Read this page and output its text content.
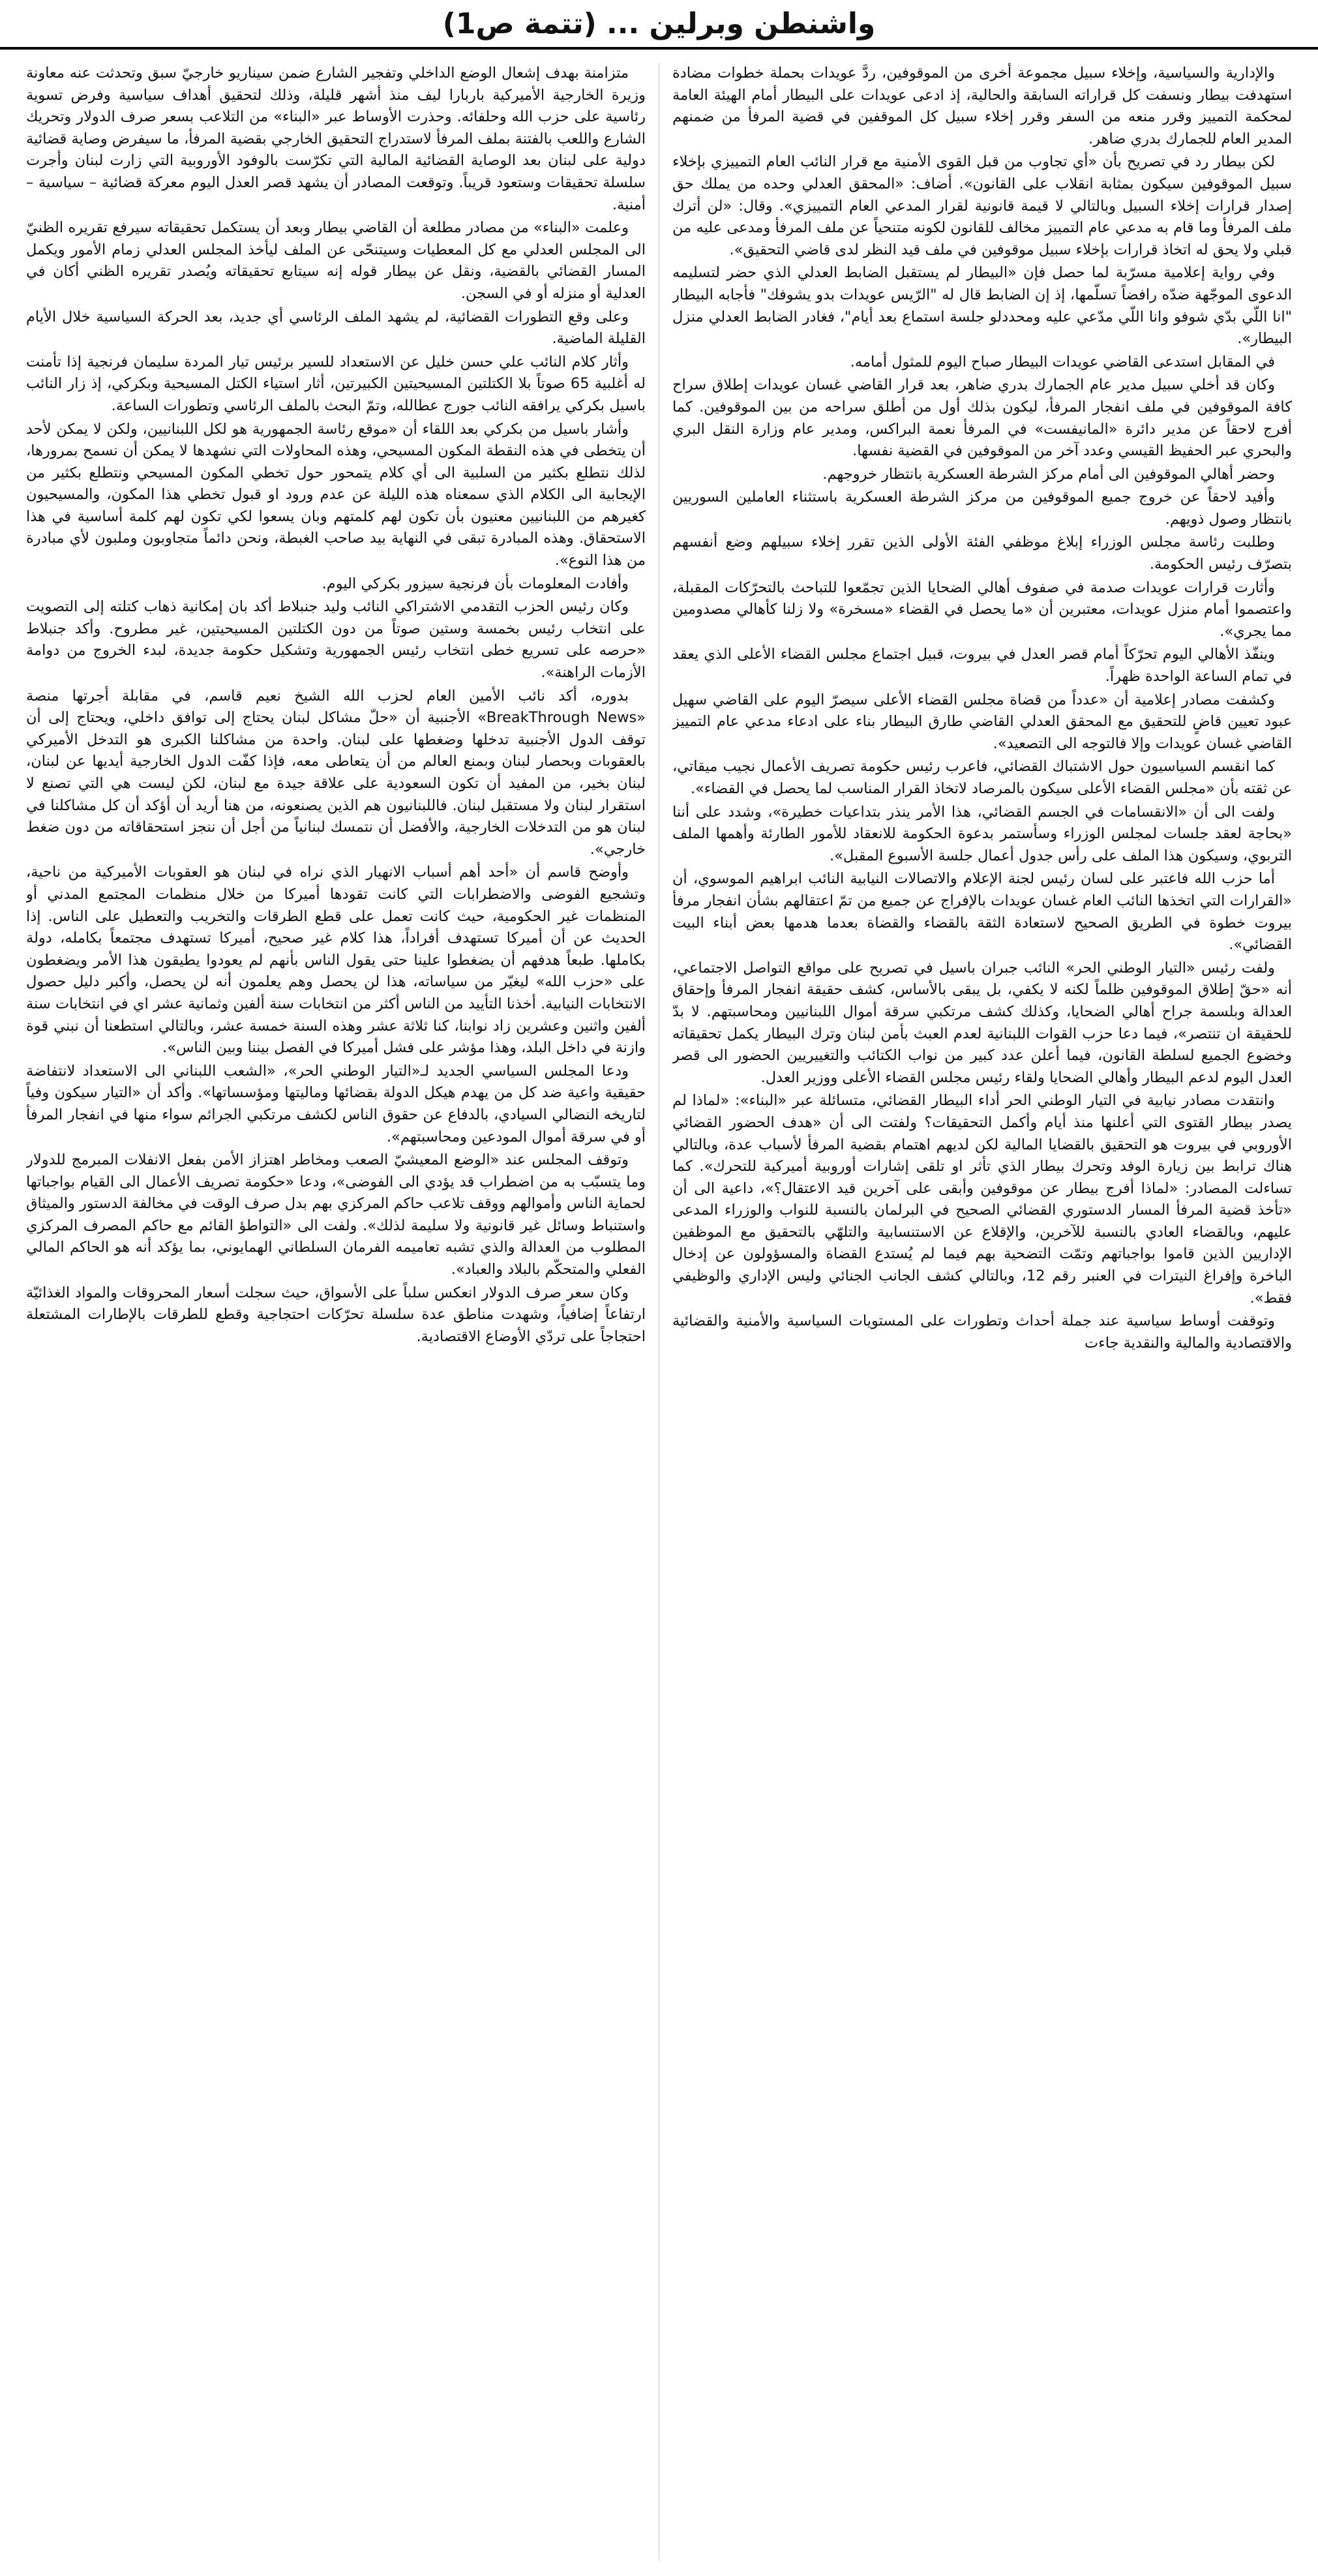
واشنطن وبرلين ... (تتمة ص1)

والإدارية والسياسية، وإخلاء سبيل مجموعة أخرى من الموقوفين، ردَّ عويدات بحملة خطوات مضادة استهدفت بيطار ونسفت كل قراراته السابقة والحالية، إذ ادعى عويدات على البيطار أمام الهيئة العامة لمحكمة التمييز وقرر منعه من السفر وقرر إخلاء سبيل كل الموقفين في قضية المرفأ من ضمنهم المدير العام للجمارك بدري ضاهر.

لكن بيطار رد في تصريح بأن «أي تجاوب من قبل القوى الأمنية مع قرار النائب العام التمييزي بإخلاء سبيل الموقوفين سيكون بمثابة انقلاب على القانون». أضاف: «المحقق العدلي وحده من يملك حق إصدار قرارات إخلاء السبيل وبالتالي لا قيمة قانونية لقرار المدعي العام التمييزي». وقال: «لن أترك ملف المرفأ وما قام به مدعي عام التمييز مخالف للقانون لكونه متنحياً عن ملف المرفأ ومدعى عليه من قبلي ولا يحق له اتخاذ قرارات بإخلاء سبيل موقوفين في ملف قيد النظر لدى قاضي التحقيق».

وفي رواية إعلامية مسرّبة لما حصل فإن «البيطار لم يستقبل الضابط العدلي الذي حضر لتسليمه الدعوى الموجّهة ضدّه رافضاً تسلّمها، إذ إن الضابط قال له "الرّيس عويدات بدو يشوفك" فأجابه البيطار "انا اللّي بدّي شوفو وانا اللّي مدّعي عليه ومحددلو جلسة استماع بعد أيام"، فغادر الضابط العدلي منزل البيطار».

في المقابل استدعى القاضي عويدات البيطار صباح اليوم للمثول أمامه.

وكان قد أخلي سبيل مدير عام الجمارك بدري ضاهر، بعد قرار القاضي غسان عويدات إطلاق سراح كافة الموقوفين في ملف انفجار المرفأ، ليكون بذلك أول من أطلق سراحه من بين الموقوفين. كما أفرج لاحقاً عن مدير دائرة «المانيفست» في المرفأ نعمة البراكس، ومدير عام وزارة النقل البري والبحري عبر الحفيظ القيسي وعدد آخر من الموقوفين في القضية نفسها.

وحضر أهالي الموقوفين الى أمام مركز الشرطة العسكرية بانتظار خروجهم.

وأفيد لاحقاً عن خروج جميع الموقوفين من مركز الشرطة العسكرية باستثناء العاملين السوريين بانتظار وصول ذويهم.

وطلبت رئاسة مجلس الوزراء إبلاغ موظفي الفئة الأولى الذين تقرر إخلاء سبيلهم وضع أنفسهم بتصرّف رئيس الحكومة.

وأثارت قرارات عويدات صدمة في صفوف أهالي الضحايا الذين تجمّعوا للتباحث بالتحرّكات المقبلة، واعتصموا أمام منزل عويدات، معتبرين أن «ما يحصل في القضاء «مسخرة» ولا زلنا كأهالي مصدومين مما يجري».

وينفّذ الأهالي اليوم تحرّكاً أمام قصر العدل في بيروت، قبيل اجتماع مجلس القضاء الأعلى الذي يعقد في تمام الساعة الواحدة ظهراً.

وكشفت مصادر إعلامية أن «عدداً من قضاة مجلس القضاء الأعلى سيصرّ اليوم على القاضي سهيل عبود تعيين قاضٍ للتحقيق مع المحقق العدلي القاضي طارق البيطار بناء على ادعاء مدعي عام التمييز القاضي غسان عويدات وإلا فالتوجه الى التصعيد».

كما انقسم السياسيون حول الاشتباك القضائي، فاعرب رئيس حكومة تصريف الأعمال نجيب ميقاتي، عن ثقته بأن «مجلس القضاء الأعلى سيكون بالمرصاد لاتخاذ القرار المناسب لما يحصل في القضاء».

ولفت الى أن «الانقسامات في الجسم القضائي، هذا الأمر ينذر بتداعيات خطيرة»، وشدد على أننا «بحاجة لعقد جلسات لمجلس الوزراء وسأستمر بدعوة الحكومة للانعقاد للأمور الطارئة وأهمها الملف التربوي، وسيكون هذا الملف على رأس جدول أعمال جلسة الأسبوع المقبل».

أما حزب الله فاعتبر على لسان رئيس لجنة الإعلام والاتصالات النيابية النائب ابراهيم الموسوي، أن «القرارات التي اتخذها النائب العام غسان عويدات بالإفراج عن جميع من تمّ اعتقالهم بشأن انفجار مرفأ بيروت خطوة في الطريق الصحيح لاستعادة الثقة بالقضاء والقضاة بعدما هدمها بعض أبناء البيت القضائي».

ولفت رئيس «التيار الوطني الحر» النائب جبران باسيل في تصريح على مواقع التواصل الاجتماعي، أنه «حقّ إطلاق الموقوفين ظلماً لكنه لا يكفي، بل يبقى بالأساس، كشف حقيقة انفجار المرفأ وإحقاق العدالة وبلسمة جراح أهالي الضحايا، وكذلك كشف مرتكبي سرقة أموال اللبنانيين ومحاسبتهم. لا بدّ للحقيقة ان تنتصر»، فيما دعا حزب القوات اللبنانية لعدم العبث بأمن لبنان وترك البيطار يكمل تحقيقاته وخضوع الجميع لسلطة القانون، فيما أعلن عدد كبير من نواب الكتائب والتغييريين الحضور الى قصر العدل اليوم لدعم البيطار وأهالي الضحايا ولقاء رئيس مجلس القضاء الأعلى ووزير العدل.

وانتقدت مصادر نيابية في التيار الوطني الحر أداء البيطار القضائي، متسائلة عبر «البناء»: «لماذا لم يصدر بيطار القتوى التي أعلنها منذ أيام وأكمل التحقيقات؟ ولفتت الى أن «هدف الحضور القضائي الأوروبي في بيروت هو التحقيق بالقضايا المالية لكن لديهم اهتمام بقضية المرفأ لأسباب عدة، وبالتالي هناك ترابط بين زيارة الوفد وتحرك بيطار الذي تأثر او تلقى إشارات أوروبية أميركية للتحرك». كما تساءلت المصادر: «لماذا أفرج بيطار عن موقوفين وأبقى على آخرين قيد الاعتقال؟»، داعية الى أن «تأخذ قضية المرفأ المسار الدستوري القضائي الصحيح في البرلمان بالنسبة للنواب والوزراء المدعى عليهم، وبالقضاء العادي بالنسبة للآخرين، والإقلاع عن الاستنسابية والتلهّي بالتحقيق مع الموظفين الإداريين الذين قاموا بواجباتهم وتمّت التضحية بهم فيما لم يُستدع القضاة والمسؤولون عن إدخال الباخرة وإفراغ النيترات في العنبر رقم 12، وبالتالي كشف الجانب الجنائي وليس الإداري والوظيفي فقط».

وتوقفت أوساط سياسية عند جملة أحداث وتطورات على المستويات السياسية والأمنية والقضائية والاقتصادية والمالية والنقدية جاءت

متزامنة بهدف إشعال الوضع الداخلي وتفجير الشارع ضمن سيناريو خارجيّ سبق وتحدثت عنه معاونة وزيرة الخارجية الأميركية باربارا ليف منذ أشهر قليلة، وذلك لتحقيق أهداف سياسية وفرض تسوية رئاسية على حزب الله وحلفائه. وحذرت الأوساط عبر «البناء» من التلاعب بسعر صرف الدولار وتحريك الشارع واللعب بالفتنة بملف المرفأ لاستدراج التحقيق الخارجي بقضية المرفأ، ما سيفرض وصاية قضائية دولية على لبنان بعد الوصاية القضائية المالية التي تكرّست بالوفود الأوروبية التي زارت لبنان وأجرت سلسلة تحقيقات وستعود قريباً. وتوقعت المصادر أن يشهد قصر العدل اليوم معركة قضائية – سياسية – أمنية.

وعلمت «البناء» من مصادر مطلعة أن القاضي بيطار وبعد أن يستكمل تحقيقاته سيرفع تقريره الظنيّ الى المجلس العدلي مع كل المعطيات وسيتنحّى عن الملف ليأخذ المجلس العدلي زمام الأمور ويكمل المسار القضائي بالقضية، ونقل عن بيطار قوله إنه سيتابع تحقيقاته ويُصدر تقريره الظني أكان في العدلية أو منزله أو في السجن.

وعلى وقع التطورات القضائية، لم يشهد الملف الرئاسي أي جديد، بعد الحركة السياسية خلال الأيام القليلة الماضية.

وأثار كلام النائب علي حسن خليل عن الاستعداد للسير برئيس تيار المردة سليمان فرنجية إذا تأمنت له أغلبية 65 صوتاً بلا الكتلتين المسيحيتين الكبيرتين، أثار استياء الكتل المسيحية وبكركي، إذ زار النائب باسيل بكركي يرافقه النائب جورج عطالله، وتمّ البحث بالملف الرئاسي وتطورات الساعة.

وأشار باسيل من بكركي بعد اللقاء أن «موقع رئاسة الجمهورية هو لكل اللبنانيين، ولكن لا يمكن لأحد أن يتخطى في هذه النقطة المكون المسيحي، وهذه المحاولات التي نشهدها لا يمكن أن نسمح بمرورها، لذلك نتطلع بكثير من السلبية الى أي كلام يتمحور حول تخطي المكون المسيحي ونتطلع بكثير من الإيجابية الى الكلام الذي سمعناه هذه الليلة عن عدم ورود او قبول تخطي هذا المكون، والمسيحيون كغيرهم من اللبنانيين معنيون بأن تكون لهم كلمتهم وبان يسعوا لكي تكون لهم كلمة أساسية في هذا الاستحقاق. وهذه المبادرة تبقى في النهاية بيد صاحب الغبطة، ونحن دائماً متجاوبون وملبون لأي مبادرة من هذا النوع».

وأفادت المعلومات بأن فرنجية سيزور بكركي اليوم.

وكان رئيس الحزب التقدمي الاشتراكي النائب وليد جنبلاط أكد بان إمكانية ذهاب كتلته إلى التصويت على انتخاب رئيس بخمسة وستين صوتاً من دون الكتلتين المسيحيتين، غير مطروح. وأكد جنبلاط «حرصه على تسريع خطى انتخاب رئيس الجمهورية وتشكيل حكومة جديدة، لبدء الخروج من دوامة الأزمات الراهنة».

بدوره، أكد نائب الأمين العام لحزب الله الشيخ نعيم قاسم، في مقابلة أجرتها منصة «BreakThrough News» الأجنبية أن «حلّ مشاكل لبنان يحتاج إلى توافق داخلي، ويحتاج إلى أن توقف الدول الأجنبية تدخلها وضغطها على لبنان. واحدة من مشاكلنا الكبرى هو التدخل الأميركي بالعقوبات وبحصار لبنان وبمنع العالم من أن يتعاطى معه، فإذا كفّت الدول الخارجية أيديها عن لبنان، لبنان بخير، من المفيد أن تكون السعودية على علاقة جيدة مع لبنان، لكن ليست هي التي تصنع لا استقرار لبنان ولا مستقبل لبنان. فاللبنانيون هم الذين يصنعونه، من هنا أريد أن أؤكد أن كل مشاكلنا في لبنان هو من التدخلات الخارجية، والأفضل أن نتمسك لبنانياً من أجل أن ننجز استحقاقاته من دون ضغط خارجي».

وأوضح قاسم أن «أحد أهم أسباب الانهيار الذي نراه في لبنان هو العقوبات الأميركية من ناحية، وتشجيع الفوضى والاضطرابات التي كانت تقودها أميركا من خلال منظمات المجتمع المدني أو المنظمات غير الحكومية، حيث كانت تعمل على قطع الطرقات والتخريب والتعطيل على الناس. إذا الحديث عن أن أميركا تستهدف أفراداً، هذا كلام غير صحيح، أميركا تستهدف مجتمعاً بكامله، دولة بكاملها. طبعاً هدفهم أن يضغطوا علينا حتى يقول الناس بأنهم لم يعودوا يطيقون هذا الأمر ويضغطون على «حزب الله» ليغيّر من سياساته، هذا لن يحصل وهم يعلمون أنه لن يحصل، وأكبر دليل حصول الانتخابات النيابية. أخذنا التأييد من الناس أكثر من انتخابات سنة ألفين وثمانية عشر اي في انتخابات سنة ألفين واثنين وعشرين زاد نوابنا، كنا ثلاثة عشر وهذه السنة خمسة عشر، وبالتالي استطعنا أن نبني قوة وازنة في داخل البلد، وهذا مؤشر على فشل أميركا في الفصل بيننا وبين الناس».

ودعا المجلس السياسي الجديد لـ«التيار الوطني الحر»، «الشعب اللبناني الى الاستعداد لانتفاضة حقيقية واعية ضد كل من يهدم هيكل الدولة بقضائها وماليتها ومؤسساتها». وأكد أن «التيار سيكون وفياً لتاريخه النضالي السيادي، بالدفاع عن حقوق الناس لكشف مرتكبي الجرائم سواء منها في انفجار المرفأ أو في سرقة أموال المودعين ومحاسبتهم».

وتوقف المجلس عند «الوضع المعيشيّ الصعب ومخاطر اهتزاز الأمن بفعل الانفلات المبرمج للدولار وما يتسبّب به من اضطراب قد يؤدي الى الفوضى»، ودعا «حكومة تصريف الأعمال الى القيام بواجباتها لحماية الناس وأموالهم ووقف تلاعب حاكم المركزي بهم بدل صرف الوقت في مخالفة الدستور والميثاق واستنباط وسائل غير قانونية ولا سليمة لذلك». ولفت الى «التواطؤ القائم مع حاكم المصرف المركزي المطلوب من العدالة والذي تشبه تعاميمه الفرمان السلطاني الهمايوني، بما يؤكد أنه هو الحاكم المالي الفعلي والمتحكّم بالبلاد والعباد».

وكان سعر صرف الدولار انعكس سلباً على الأسواق، حيث سجلت أسعار المحروقات والمواد الغذائيّة ارتفاعاً إضافياً، وشهدت مناطق عدة سلسلة تحرّكات احتجاجية وقطع للطرقات بالإطارات المشتعلة احتجاجاً على تردّي الأوضاع الاقتصادية.
